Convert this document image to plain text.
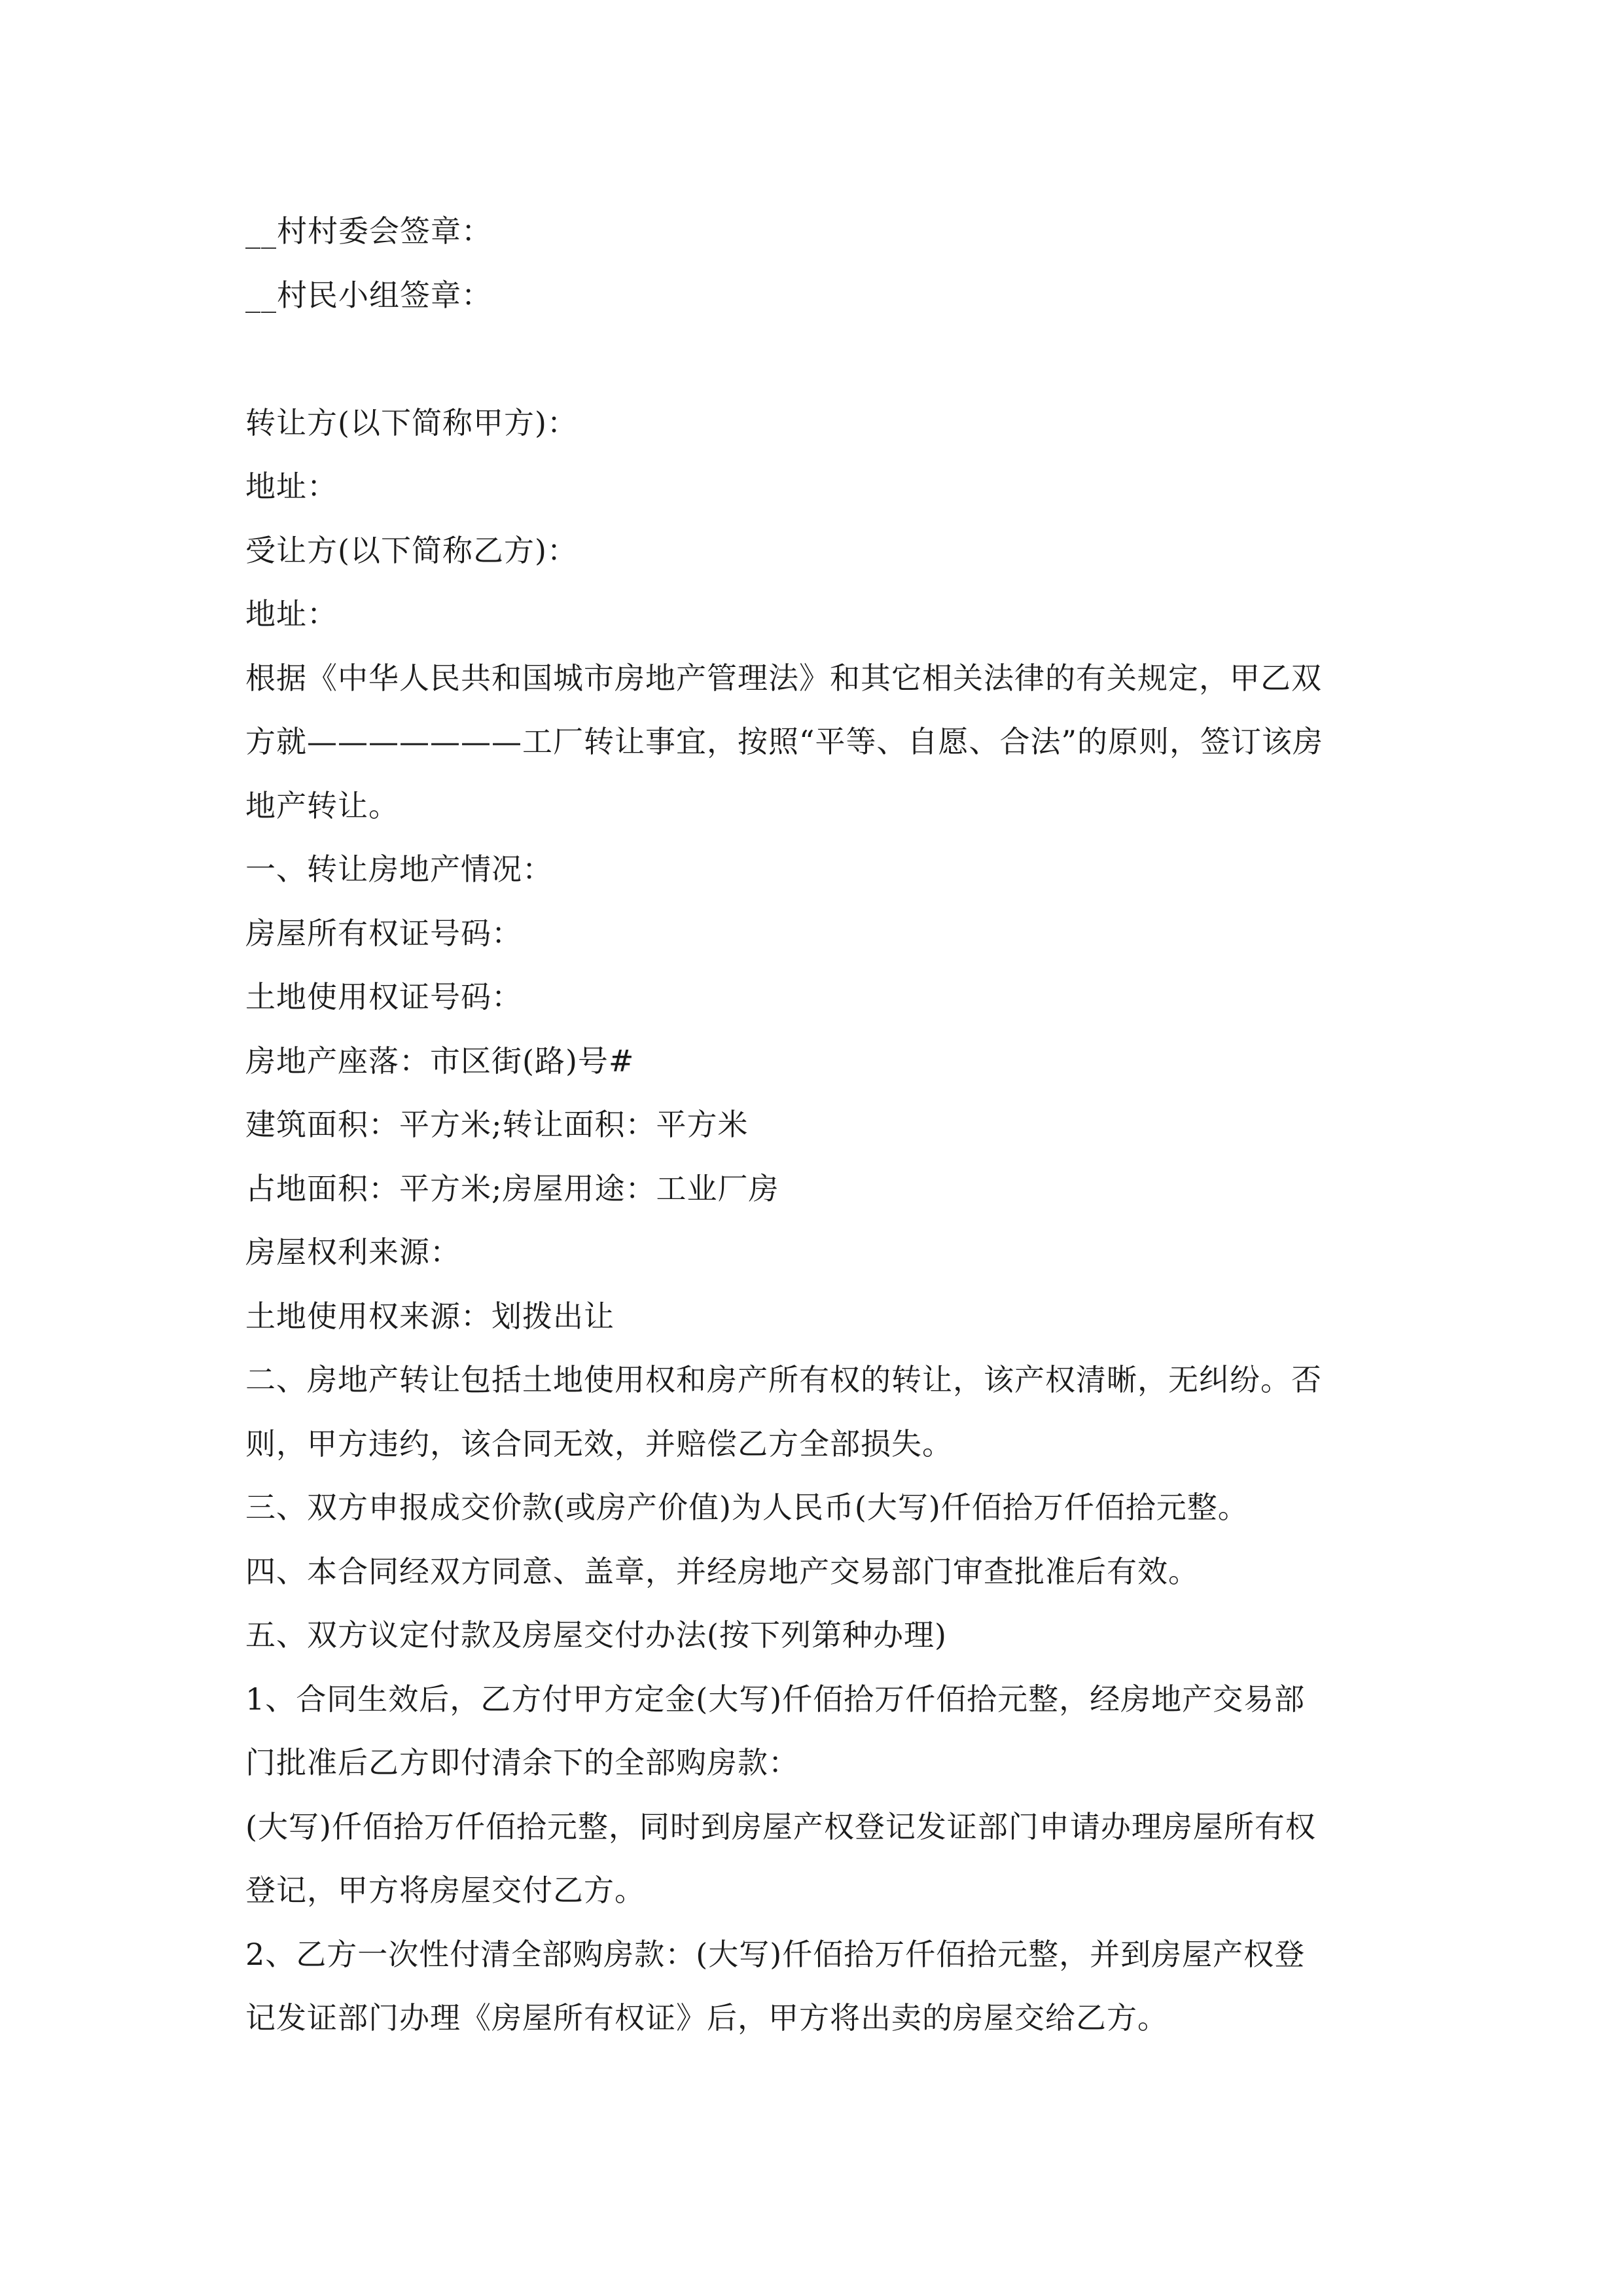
__村村委会签章：
__村民小组签章：
转让方(以下简称甲方)：
地址：
受让方(以下简称乙方)：
地址：
根据《中华人民共和国城市房地产管理法》和其它相关法律的有关规定，甲乙双
方就———————工厂转让事宜，按照“平等、自愿、合法”的原则，签订该房
地产转让。
一、转让房地产情况：
房屋所有权证号码：
土地使用权证号码：
房地产座落：市区街(路)号#
建筑面积：平方米;转让面积：平方米
占地面积：平方米;房屋用途：工业厂房
房屋权利来源：
土地使用权来源：划拨出让
二、房地产转让包括土地使用权和房产所有权的转让，该产权清晰，无纠纷。否
则，甲方违约，该合同无效，并赔偿乙方全部损失。
三、双方申报成交价款(或房产价值)为人民币(大写)仟佰拾万仟佰拾元整。
四、本合同经双方同意、盖章，并经房地产交易部门审查批准后有效。
五、双方议定付款及房屋交付办法(按下列第种办理)
1、合同生效后，乙方付甲方定金(大写)仟佰拾万仟佰拾元整，经房地产交易部
门批准后乙方即付清余下的全部购房款：
(大写)仟佰拾万仟佰拾元整，同时到房屋产权登记发证部门申请办理房屋所有权
登记，甲方将房屋交付乙方。
2、乙方一次性付清全部购房款：(大写)仟佰拾万仟佰拾元整，并到房屋产权登
记发证部门办理《房屋所有权证》后，甲方将出卖的房屋交给乙方。
